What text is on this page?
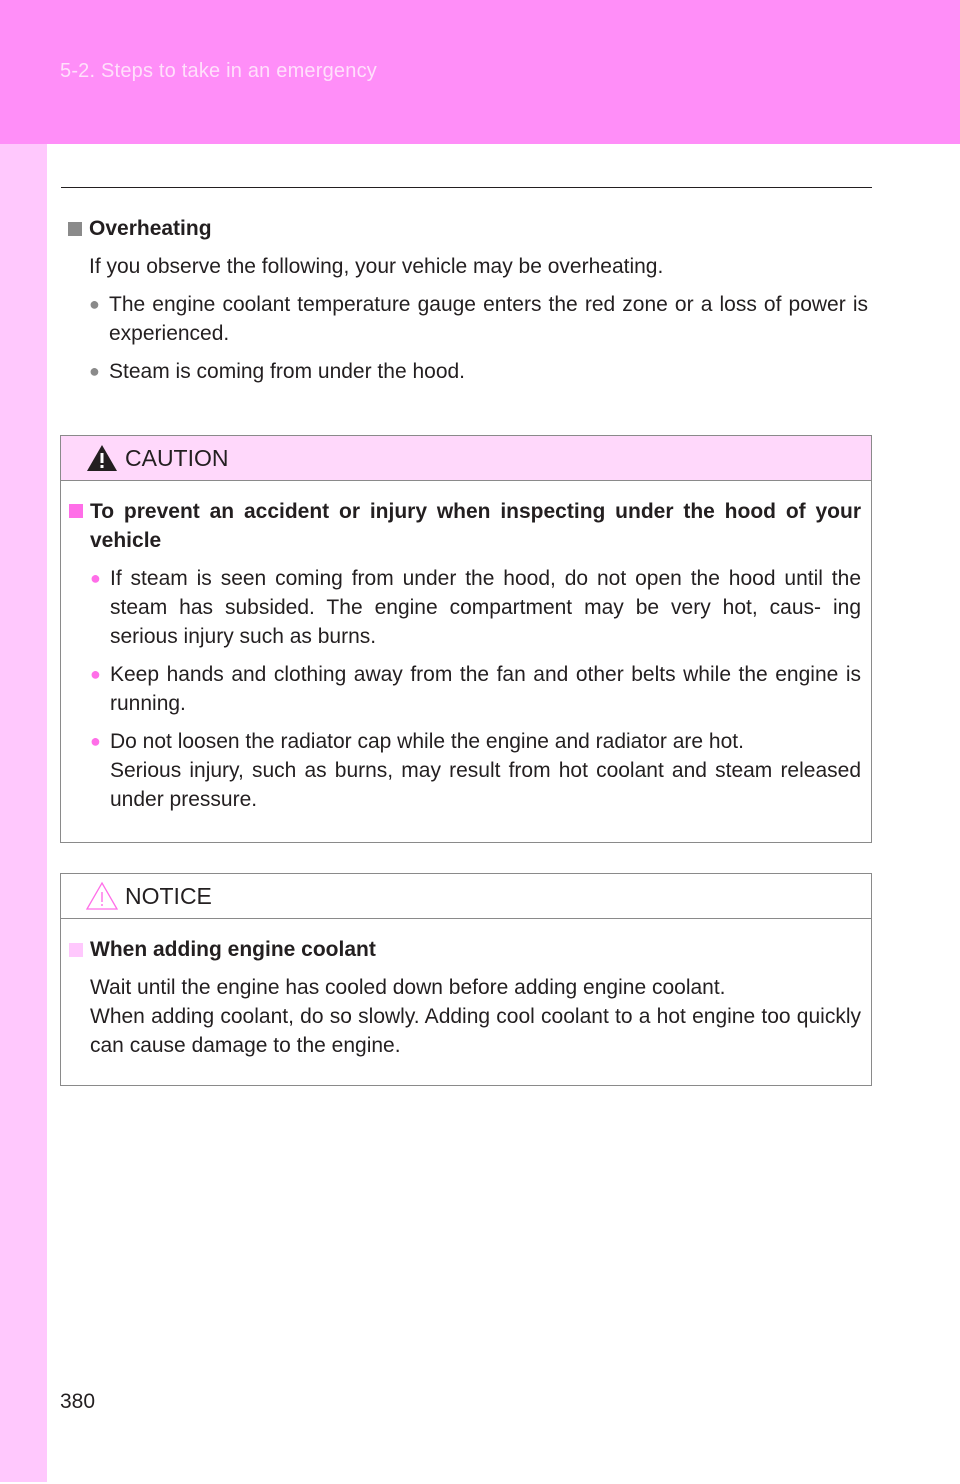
5-2. Steps to take in an emergency
Overheating
If you observe the following, your vehicle may be overheating.
● The engine coolant temperature gauge enters the red zone or a loss of power is experienced.
● Steam is coming from under the hood.
CAUTION
To prevent an accident or injury when inspecting under the hood of your vehicle
● If steam is seen coming from under the hood, do not open the hood until the steam has subsided. The engine compartment may be very hot, caus- ing serious injury such as burns.
● Keep hands and clothing away from the fan and other belts while the engine is running.
● Do not loosen the radiator cap while the engine and radiator are hot.
Serious injury, such as burns, may result from hot coolant and steam released under pressure.
NOTICE
When adding engine coolant
Wait until the engine has cooled down before adding engine coolant.
When adding coolant, do so slowly. Adding cool coolant to a hot engine too quickly can cause damage to the engine.
380
